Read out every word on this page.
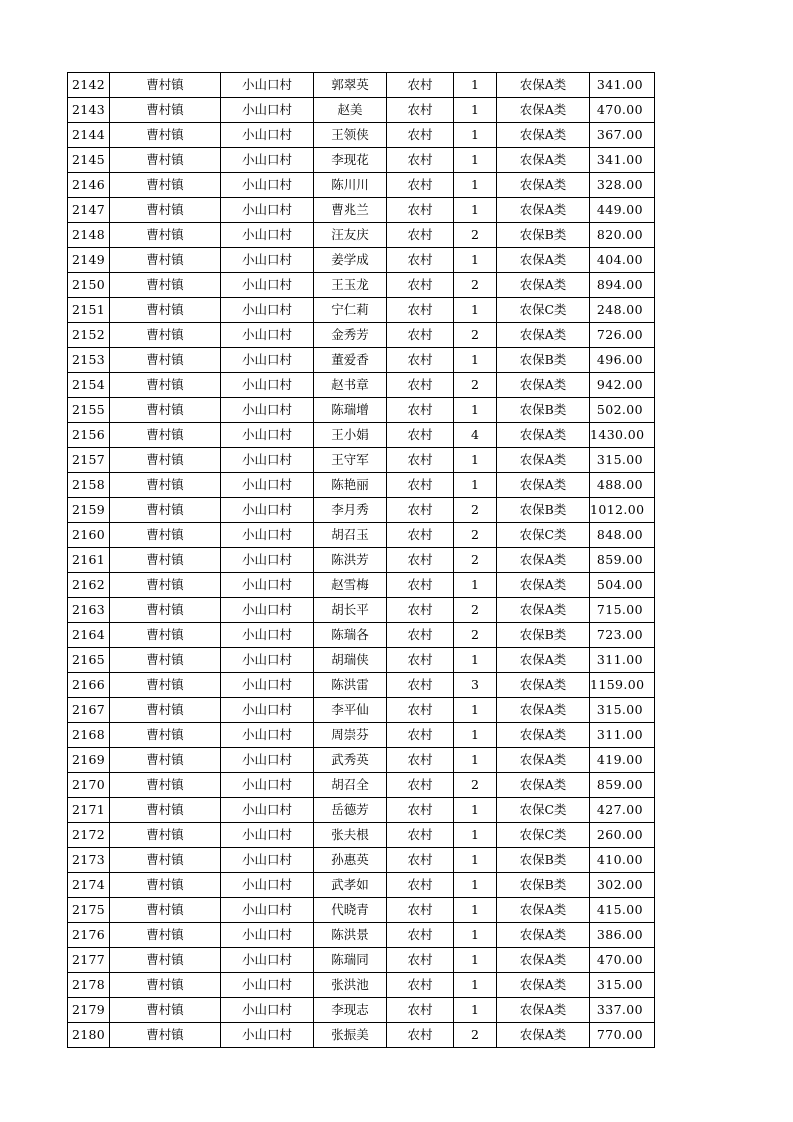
2142	曹村镇	小山口村	郭翠英	农村	1	农保A类	341.00
2143	曹村镇	小山口村	赵美	农村	1	农保A类	470.00
2144	曹村镇	小山口村	王领侠	农村	1	农保A类	367.00
2145	曹村镇	小山口村	李现花	农村	1	农保A类	341.00
2146	曹村镇	小山口村	陈川川	农村	1	农保A类	328.00
2147	曹村镇	小山口村	曹兆兰	农村	1	农保A类	449.00
2148	曹村镇	小山口村	汪友庆	农村	2	农保B类	820.00
2149	曹村镇	小山口村	姜学成	农村	1	农保A类	404.00
2150	曹村镇	小山口村	王玉龙	农村	2	农保A类	894.00
2151	曹村镇	小山口村	宁仁莉	农村	1	农保C类	248.00
2152	曹村镇	小山口村	金秀芳	农村	2	农保A类	726.00
2153	曹村镇	小山口村	董爱香	农村	1	农保B类	496.00
2154	曹村镇	小山口村	赵书章	农村	2	农保A类	942.00
2155	曹村镇	小山口村	陈瑞增	农村	1	农保B类	502.00
2156	曹村镇	小山口村	王小娟	农村	4	农保A类	1430.00
2157	曹村镇	小山口村	王守军	农村	1	农保A类	315.00
2158	曹村镇	小山口村	陈艳丽	农村	1	农保A类	488.00
2159	曹村镇	小山口村	李月秀	农村	2	农保B类	1012.00
2160	曹村镇	小山口村	胡召玉	农村	2	农保C类	848.00
2161	曹村镇	小山口村	陈洪芳	农村	2	农保A类	859.00
2162	曹村镇	小山口村	赵雪梅	农村	1	农保A类	504.00
2163	曹村镇	小山口村	胡长平	农村	2	农保A类	715.00
2164	曹村镇	小山口村	陈瑞各	农村	2	农保B类	723.00
2165	曹村镇	小山口村	胡瑞侠	农村	1	农保A类	311.00
2166	曹村镇	小山口村	陈洪雷	农村	3	农保A类	1159.00
2167	曹村镇	小山口村	李平仙	农村	1	农保A类	315.00
2168	曹村镇	小山口村	周崇芬	农村	1	农保A类	311.00
2169	曹村镇	小山口村	武秀英	农村	1	农保A类	419.00
2170	曹村镇	小山口村	胡召全	农村	2	农保A类	859.00
2171	曹村镇	小山口村	岳德芳	农村	1	农保C类	427.00
2172	曹村镇	小山口村	张夫根	农村	1	农保C类	260.00
2173	曹村镇	小山口村	孙惠英	农村	1	农保B类	410.00
2174	曹村镇	小山口村	武孝如	农村	1	农保B类	302.00
2175	曹村镇	小山口村	代晓青	农村	1	农保A类	415.00
2176	曹村镇	小山口村	陈洪景	农村	1	农保A类	386.00
2177	曹村镇	小山口村	陈瑞同	农村	1	农保A类	470.00
2178	曹村镇	小山口村	张洪池	农村	1	农保A类	315.00
2179	曹村镇	小山口村	李现志	农村	1	农保A类	337.00
2180	曹村镇	小山口村	张振美	农村	2	农保A类	770.00
